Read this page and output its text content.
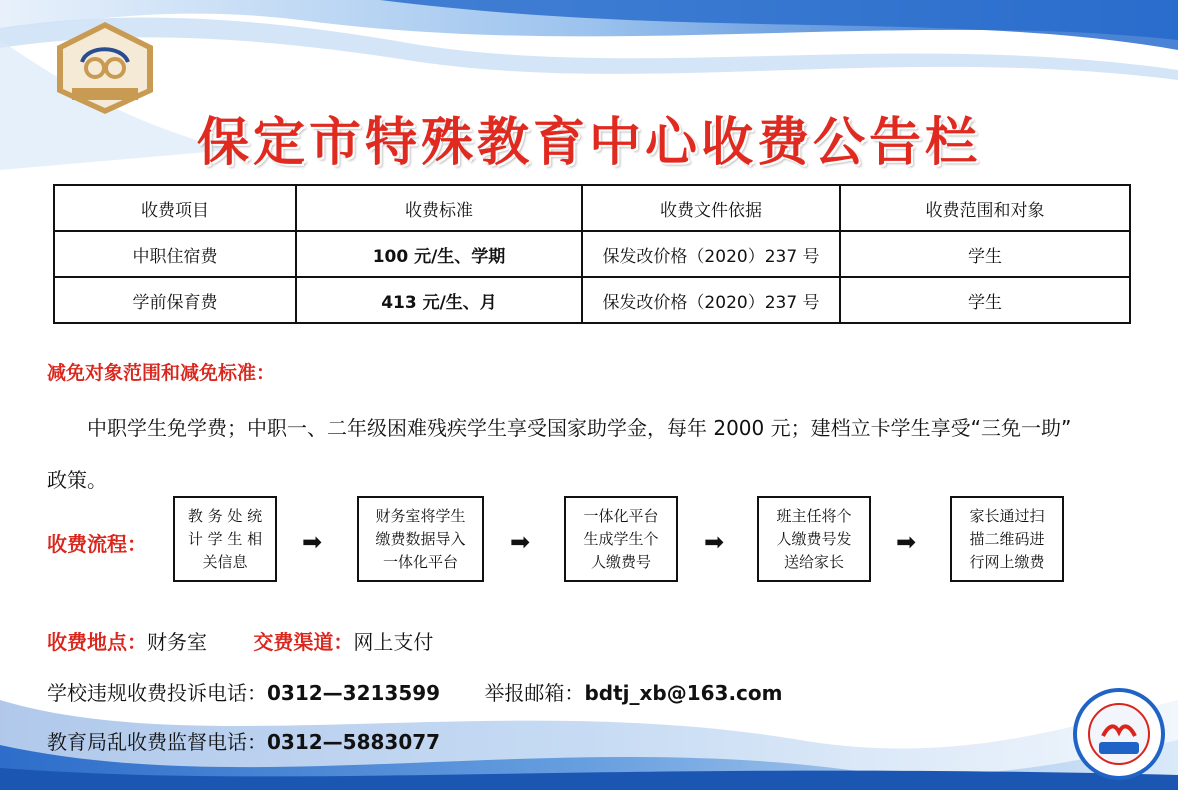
保定市特殊教育中心收费公告栏
收费项目	收费标准	收费文件依据	收费范围和对象
中职住宿费	100 元/生、学期	保发改价格（2020）237 号	学生
学前保育费	413 元/生、月	保发改价格（2020）237 号	学生
减免对象范围和减免标准：
中职学生免学费；中职一、二年级困难残疾学生享受国家助学金，每年 2000 元；建档立卡学生享受“三免一助”
政策。
收费流程：
教 务 处 统
计 学 生 相
关信息
➡
财务室将学生
缴费数据导入
一体化平台
➡
一体化平台
生成学生个
人缴费号
➡
班主任将个
人缴费号发
送给家长
➡
家长通过扫
描二维码进
行网上缴费
收费地点：财务室 交费渠道：网上支付
学校违规收费投诉电话：0312—3213599 举报邮箱：bdtj_xb@163.com
教育局乱收费监督电话：0312—5883077
